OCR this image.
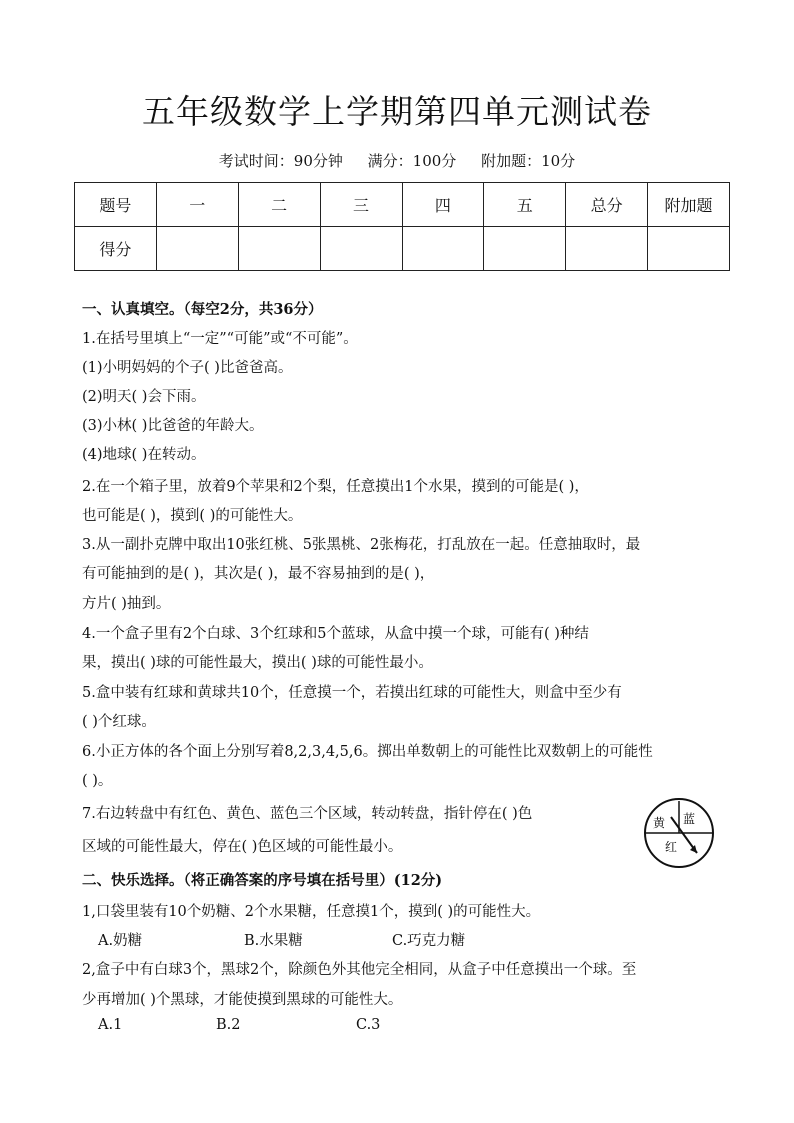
五年级数学上学期第四单元测试卷
考试时间：90分钟 满分：100分 附加题：10分
题号	一	二	三	四	五	总分	附加题
得分							
一、认真填空。（每空2分，共36分）
1.在括号里填上“一定”“可能”或“不可能”。
(1)小明妈妈的个子( )比爸爸高。
(2)明天( )会下雨。
(3)小林( )比爸爸的年龄大。
(4)地球( )在转动。
2.在一个箱子里，放着9个苹果和2个梨，任意摸出1个水果，摸到的可能是( )，
也可能是( )，摸到( )的可能性大。
3.从一副扑克牌中取出10张红桃、5张黑桃、2张梅花，打乱放在一起。任意抽取时，最
有可能抽到的是( )，其次是( )，最不容易抽到的是( )，
方片( )抽到。
4.一个盒子里有2个白球、3个红球和5个蓝球，从盒中摸一个球，可能有( )种结
果，摸出( )球的可能性最大，摸出( )球的可能性最小。
5.盒中装有红球和黄球共10个，任意摸一个，若摸出红球的可能性大，则盒中至少有
( )个红球。
6.小正方体的各个面上分别写着8,2,3,4,5,6。掷出单数朝上的可能性比双数朝上的可能性
( )。
7.右边转盘中有红色、黄色、蓝色三个区域，转动转盘，指针停在( )色
区域的可能性最大，停在( )色区域的可能性最小。
二、快乐选择。（将正确答案的序号填在括号里）(12分)
1,口袋里装有10个奶糖、2个水果糖，任意摸1个，摸到( )的可能性大。
A.奶糖	B.水果糖	C.巧克力糖
2,盒子中有白球3个，黑球2个，除颜色外其他完全相同，从盒子中任意摸出一个球。至
少再增加( )个黑球，才能使摸到黑球的可能性大。
A.1	B.2	C.3
黄 蓝
红
